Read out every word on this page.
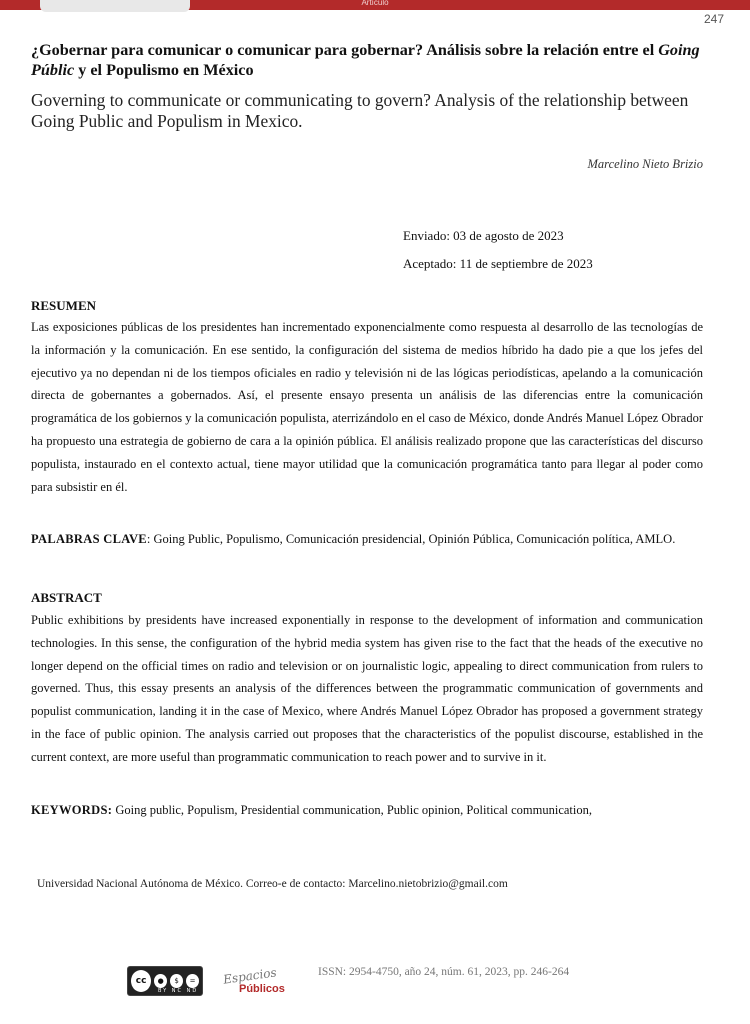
Artículo
247
¿Gobernar para comunicar o comunicar para gobernar? Análisis sobre la relación entre el Going Públic y el Populismo en México

Governing to communicate or communicating to govern? Analysis of the relationship between Going Public and Populism in Mexico.

Marcelino Nieto Brizio
Enviado: 03 de agosto de 2023
Aceptado: 11 de septiembre de 2023
RESUMEN

Las exposiciones públicas de los presidentes han incrementado exponencialmente como respuesta al desarrollo de las tecnologías de la información y la comunicación. En ese sentido, la configuración del sistema de medios híbrido ha dado pie a que los jefes del ejecutivo ya no dependan ni de los tiempos oficiales en radio y televisión ni de las lógicas periodísticas, apelando a la comunicación directa de gobernantes a gobernados. Así, el presente ensayo presenta un análisis de las diferencias entre la comunicación programática de los gobiernos y la comunicación populista, aterrizándolo en el caso de México, donde Andrés Manuel López Obrador ha propuesto una estrategia de gobierno de cara a la opinión pública. El análisis realizado propone que las características del discurso populista, instaurado en el contexto actual, tiene mayor utilidad que la comunicación programática tanto para llegar al poder como para subsistir en él.

PALABRAS CLAVE: Going Public, Populismo, Comunicación presidencial, Opinión Pública, Comunicación política, AMLO.

ABSTRACT

Public exhibitions by presidents have increased exponentially in response to the development of information and communication technologies. In this sense, the configuration of the hybrid media system has given rise to the fact that the heads of the executive no longer depend on the official times on radio and television or on journalistic logic, appealing to direct communication from rulers to governed. Thus, this essay presents an analysis of the differences between the programmatic communication of governments and populist communication, landing it in the case of Mexico, where Andrés Manuel López Obrador has proposed a government strategy in the face of public opinion. The analysis carried out proposes that the characteristics of the populist discourse, established in the current context, are more useful than programmatic communication to reach power and to survive in it.

KEYWORDS: Going public, Populism, Presidential communication, Public opinion, Political communication,

Universidad Nacional Autónoma de México. Correo-e de contacto: Marcelino.nietobrizio@gmail.com
cc	●	$	=
BY NC ND
Espacios
Públicos
ISSN: 2954-4750, año 24, núm. 61, 2023, pp. 246-264
